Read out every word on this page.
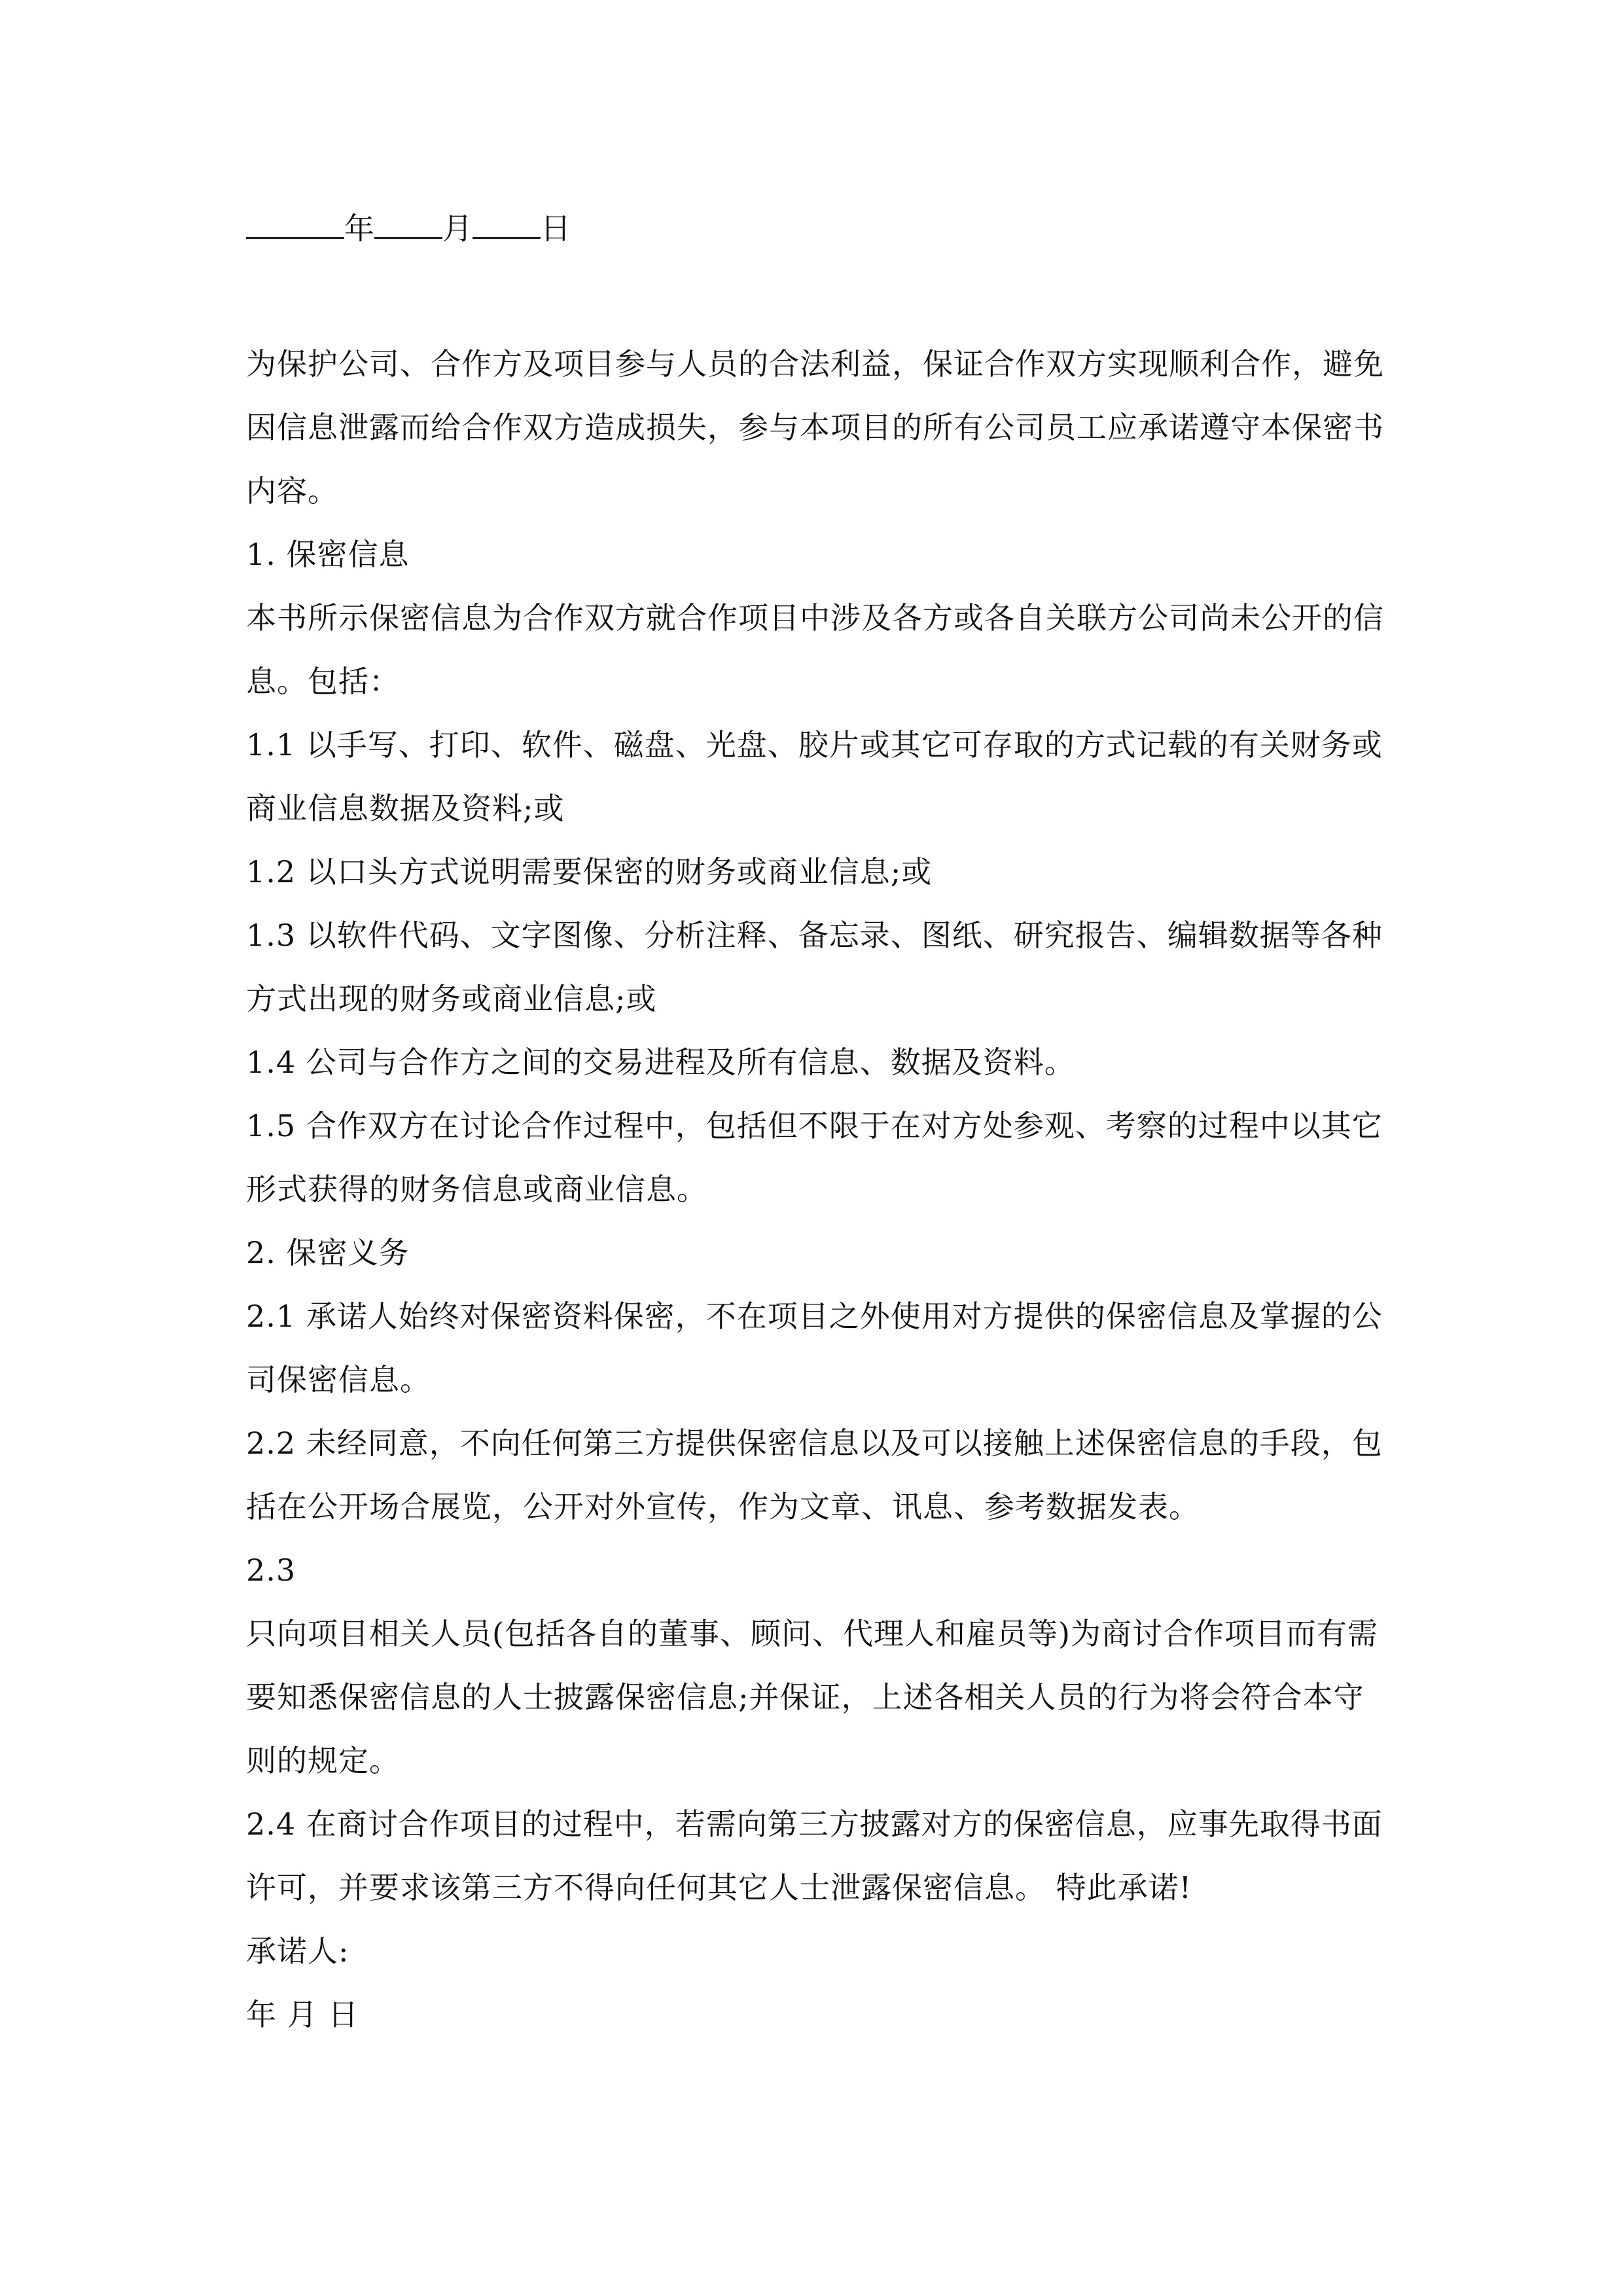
年 月 日

为保护公司、合作方及项目参与人员的合法利益，保证合作双方实现顺利合作，避免因信息泄露而给合作双方造成损失，参与本项目的所有公司员工应承诺遵守本保密书内容。

1. 保密信息

本书所示保密信息为合作双方就合作项目中涉及各方或各自关联方公司尚未公开的信息。包括：

1.1 以手写、打印、软件、磁盘、光盘、胶片或其它可存取的方式记载的有关财务或商业信息数据及资料;或

1.2 以口头方式说明需要保密的财务或商业信息;或

1.3 以软件代码、文字图像、分析注释、备忘录、图纸、研究报告、编辑数据等各种方式出现的财务或商业信息;或

1.4 公司与合作方之间的交易进程及所有信息、数据及资料。

1.5 合作双方在讨论合作过程中，包括但不限于在对方处参观、考察的过程中以其它形式获得的财务信息或商业信息。

2. 保密义务

2.1 承诺人始终对保密资料保密，不在项目之外使用对方提供的保密信息及掌握的公司保密信息。

2.2 未经同意，不向任何第三方提供保密信息以及可以接触上述保密信息的手段，包括在公开场合展览，公开对外宣传，作为文章、讯息、参考数据发表。

2.3

只向项目相关人员(包括各自的董事、顾问、代理人和雇员等)为商讨合作项目而有需要知悉保密信息的人士披露保密信息;并保证，上述各相关人员的行为将会符合本守则的规定。

2.4 在商讨合作项目的过程中，若需向第三方披露对方的保密信息，应事先取得书面许可，并要求该第三方不得向任何其它人士泄露保密信息。 特此承诺!

承诺人:

年 月 日
